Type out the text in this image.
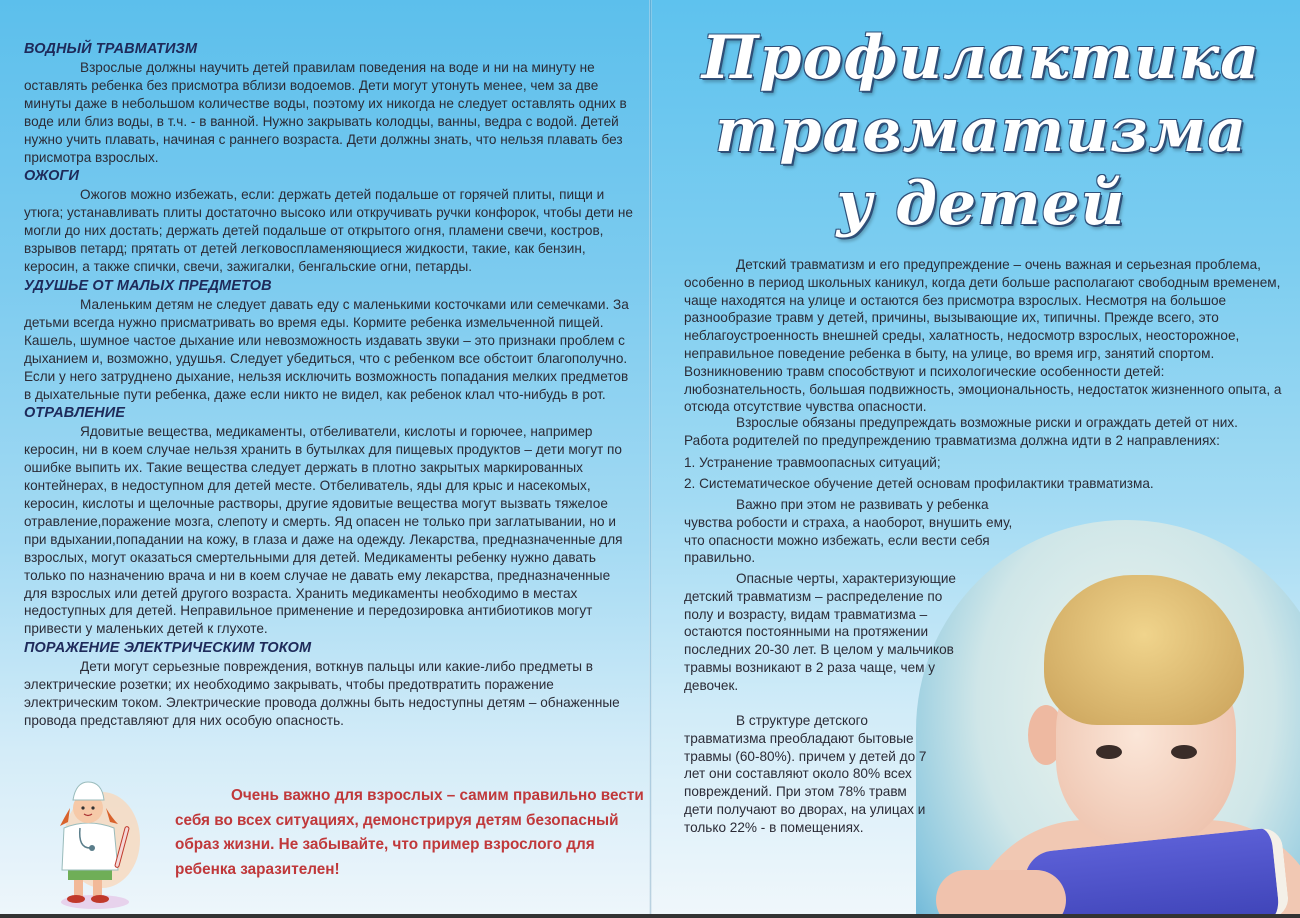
ВОДНЫЙ ТРАВМАТИЗМ

Взрослые должны научить детей правилам поведения на воде и ни на минуту не оставлять ребенка без присмотра вблизи водоемов. Дети могут утонуть менее, чем за две минуты даже в небольшом количестве воды, поэтому их никогда не следует оставлять одних в воде или близ воды, в т.ч. - в ванной. Нужно закрывать колодцы, ванны, ведра с водой. Детей нужно учить плавать, начиная с раннего возраста. Дети должны знать, что нельзя плавать без присмотра взрослых.

ОЖОГИ

Ожогов можно избежать, если: держать детей подальше от горячей плиты, пищи и утюга; устанавливать плиты достаточно высоко или откручивать ручки конфорок, чтобы дети не могли до них достать; держать детей подальше от открытого огня, пламени свечи, костров, взрывов петард; прятать от детей легковоспламеняющиеся жидкости, такие, как бензин, керосин, а также спички, свечи, зажигалки, бенгальские огни, петарды.

УДУШЬЕ ОТ МАЛЫХ ПРЕДМЕТОВ

Маленьким детям не следует давать еду с маленькими косточками или семечками. За детьми всегда нужно присматривать во время еды. Кормите ребенка измельченной пищей. Кашель, шумное частое дыхание или невозможность издавать звуки – это признаки проблем с дыханием и, возможно, удушья. Следует убедиться, что с ребенком все обстоит благополучно. Если у него затруднено дыхание, нельзя исключить возможность попадания мелких предметов в дыхательные пути ребенка, даже если никто не видел, как ребенок клал что-нибудь в рот.

ОТРАВЛЕНИЕ

Ядовитые вещества, медикаменты, отбеливатели, кислоты и горючее, например керосин, ни в коем случае нельзя хранить в бутылках для пищевых продуктов – дети могут по ошибке выпить их. Такие вещества следует держать в плотно закрытых маркированных контейнерах, в недоступном для детей месте. Отбеливатель, яды для крыс и насекомых, керосин, кислоты и щелочные растворы, другие ядовитые вещества могут вызвать тяжелое отравление,поражение мозга, слепоту и смерть. Яд опасен не только при заглатывании, но и при вдыхании,попадании на кожу, в глаза и даже на одежду. Лекарства, предназначенные для взрослых, могут оказаться смертельными для детей. Медикаменты ребенку нужно давать только по назначению врача и ни в коем случае не давать ему лекарства, предназначенные для взрослых или детей другого возраста. Хранить медикаменты необходимо в местах недоступных для детей. Неправильное применение и передозировка антибиотиков могут привести у маленьких детей к глухоте.

ПОРАЖЕНИЕ ЭЛЕКТРИЧЕСКИМ ТОКОМ

Дети могут серьезные повреждения, воткнув пальцы или какие-либо предметы в электрические розетки; их необходимо закрывать, чтобы предотвратить поражение электрическим током. Электрические провода должны быть недоступны детям – обнаженные провода представляют для них особую опасность.

Очень важно для взрослых – самим правильно вести себя во всех ситуациях, демонстрируя детям безопасный образ жизни. Не забывайте, что пример взрослого для ребенка заразителен!

Профилактика
травматизма
у детей

Детский травматизм и его предупреждение – очень важная и серьезная проблема, особенно в период школьных каникул, когда дети больше располагают свободным временем, чаще находятся на улице и остаются без присмотра взрослых. Несмотря на большое разнообразие травм у детей, причины, вызывающие их, типичны. Прежде всего, это неблагоустроенность внешней среды, халатность, недосмотр взрослых, неосторожное, неправильное поведение ребенка в быту, на улице, во время игр, занятий спортом. Возникновению травм способствуют и психологические особенности детей: любознательность, большая подвижность, эмоциональность, недостаток жизненного опыта, а отсюда отсутствие чувства опасности.

Взрослые обязаны предупреждать возможные риски и ограждать детей от них. Работа родителей по предупреждению травматизма должна идти в 2 направлениях:
1. Устранение травмоопасных ситуаций;
2. Систематическое обучение детей основам профилактики травматизма.

Важно при этом не развивать у ребенка чувства робости и страха, а наоборот, внушить ему, что опасности можно избежать, если вести себя правильно.

Опасные черты, характеризующие детский травматизм – распределение по полу и возрасту, видам травматизма – остаются постоянными на протяжении последних 20-30 лет. В целом у мальчиков травмы возникают в 2 раза чаще, чем у девочек.

В структуре детского травматизма преобладают бытовые травмы (60-80%). причем у детей до 7 лет они составляют около 80% всех повреждений. При этом 78% травм дети получают во дворах, на улицах и только 22% - в помещениях.
